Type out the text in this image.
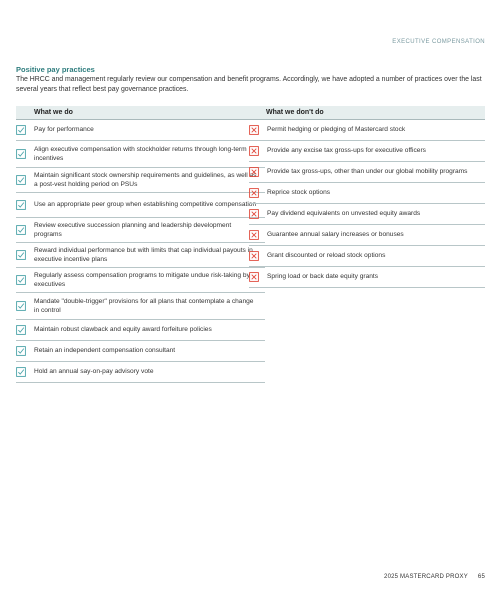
EXECUTIVE COMPENSATION
Positive pay practices
The HRCC and management regularly review our compensation and benefit programs. Accordingly, we have adopted a number of practices over the last several years that reflect best pay governance practices.
What we do
Pay for performance
Align executive compensation with stockholder returns through long-term incentives
Maintain significant stock ownership requirements and guidelines, as well as a post-vest holding period on PSUs
Use an appropriate peer group when establishing competitive compensation
Review executive succession planning and leadership development programs
Reward individual performance but with limits that cap individual payouts in executive incentive plans
Regularly assess compensation programs to mitigate undue risk-taking by executives
Mandate "double-trigger" provisions for all plans that contemplate a change in control
Maintain robust clawback and equity award forfeiture policies
Retain an independent compensation consultant
Hold an annual say-on-pay advisory vote
What we don't do
Permit hedging or pledging of Mastercard stock
Provide any excise tax gross-ups for executive officers
Provide tax gross-ups, other than under our global mobility programs
Reprice stock options
Pay dividend equivalents on unvested equity awards
Guarantee annual salary increases or bonuses
Grant discounted or reload stock options
Spring load or back date equity grants
2025 MASTERCARD PROXY 65
